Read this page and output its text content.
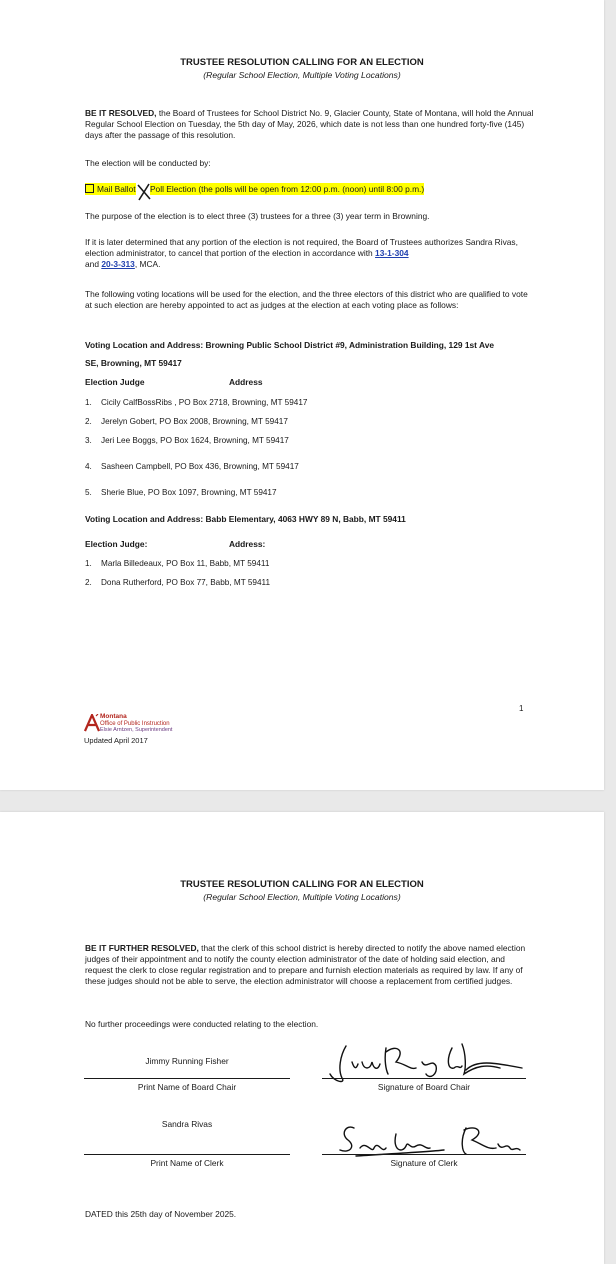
TRUSTEE RESOLUTION CALLING FOR AN ELECTION
(Regular School Election, Multiple Voting Locations)
BE IT RESOLVED, the Board of Trustees for School District No. 9, Glacier County, State of Montana, will hold the Annual Regular School Election on Tuesday, the 5th day of May, 2026, which date is not less than one hundred forty-five (145) days after the passage of this resolution.
The election will be conducted by:
Mail Ballot Poll Election (the polls will be open from 12:00 p.m. (noon) until 8:00 p.m.)
The purpose of the election is to elect three (3) trustees for a three (3) year term in Browning.
If it is later determined that any portion of the election is not required, the Board of Trustees authorizes Sandra Rivas, election administrator, to cancel that portion of the election in accordance with 13-1-304
and 20-3-313, MCA.
The following voting locations will be used for the election, and the three electors of this district who are qualified to vote at such election are hereby appointed to act as judges at the election at each voting place as follows:
Voting Location and Address: Browning Public School District #9, Administration Building, 129 1st Ave
SE, Browning, MT 59417
Election Judge	Address
1. Cicily CalfBossRibs , PO Box 2718, Browning, MT 59417
2. Jerelyn Gobert, PO Box 2008, Browning, MT 59417
3. Jeri Lee Boggs, PO Box 1624, Browning, MT 59417
4. Sasheen Campbell, PO Box 436, Browning, MT 59417
5. Sherie Blue, PO Box 1097, Browning, MT 59417
Voting Location and Address: Babb Elementary, 4063 HWY 89 N, Babb, MT 59411
Election Judge:	Address:
1. Marla Billedeaux, PO Box 11, Babb, MT 59411
2. Dona Rutherford, PO Box 77, Babb, MT 59411
1
Montana
Office of Public Instruction
Elsie Arntzen, Superintendent
Updated April 2017
TRUSTEE RESOLUTION CALLING FOR AN ELECTION
(Regular School Election, Multiple Voting Locations)
BE IT FURTHER RESOLVED, that the clerk of this school district is hereby directed to notify the above named election judges of their appointment and to notify the county election administrator of the date of holding said election, and request the clerk to close regular registration and to prepare and furnish election materials as required by law. If any of these judges should not be able to serve, the election administrator will choose a replacement from certified judges.
No further proceedings were conducted relating to the election.
Jimmy Running Fisher
Print Name of Board Chair	Signature of Board Chair
Sandra Rivas
Print Name of Clerk	Signature of Clerk
DATED this 25th day of November 2025.
